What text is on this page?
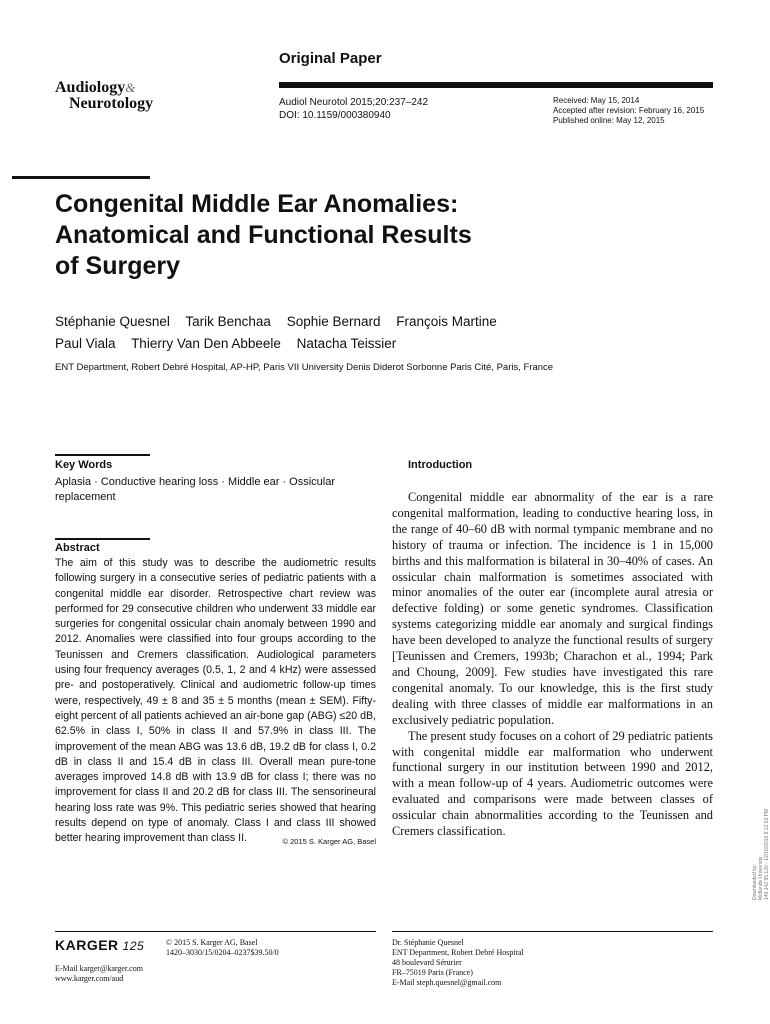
Audiology&
Neurotology
Original Paper
Audiol Neurotol 2015;20:237–242
DOI: 10.1159/000380940
Received: May 15, 2014
Accepted after revision: February 16, 2015
Published online: May 12, 2015
Congenital Middle Ear Anomalies:
Anatomical and Functional Results
of Surgery
Stéphanie Quesnel Tarik Benchaa Sophie Bernard François Martine
Paul Viala Thierry Van Den Abbeele Natacha Teissier
ENT Department, Robert Debré Hospital, AP-HP, Paris VII University Denis Diderot Sorbonne Paris Cité, Paris, France
Key Words
Aplasia · Conductive hearing loss · Middle ear · Ossicular replacement
Abstract

The aim of this study was to describe the audiometric results following surgery in a consecutive series of pediatric patients with a congenital middle ear disorder. Retrospective chart review was performed for 29 consecutive children who underwent 33 middle ear surgeries for congenital ossicular chain anomaly between 1990 and 2012. Anomalies were classified into four groups according to the Teunissen and Cremers classification. Audiological parameters using four frequency averages (0.5, 1, 2 and 4 kHz) were assessed pre- and postoperatively. Clinical and audiometric follow-up times were, respectively, 49 ± 8 and 35 ± 5 months (mean ± SEM). Fifty-eight percent of all patients achieved an air-bone gap (ABG) ≤20 dB, 62.5% in class I, 50% in class II and 57.9% in class III. The improvement of the mean ABG was 13.6 dB, 19.2 dB for class I, 0.2 dB in class II and 15.4 dB in class III. Overall mean pure-tone averages improved 14.8 dB with 13.9 dB for class I; there was no improvement for class II and 20.2 dB for class III. The sensorineural hearing loss rate was 9%. This pediatric series showed that hearing results depend on type of anomaly. Class I and class III showed better hearing improvement than class II.	© 2015 S. Karger AG, Basel

Introduction

Congenital middle ear abnormality of the ear is a rare congenital malformation, leading to conductive hearing loss, in the range of 40–60 dB with normal tympanic membrane and no history of trauma or infection. The incidence is 1 in 15,000 births and this malformation is bilateral in 30–40% of cases. An ossicular chain malformation is sometimes associated with minor anomalies of the outer ear (incomplete aural atresia or defective folding) or some genetic syndromes. Classification systems categorizing middle ear anomaly and surgical findings have been developed to analyze the functional results of surgery [Teunissen and Cremers, 1993b; Charachon et al., 1994; Park and Choung, 2009]. Few studies have investigated this rare congenital anomaly. To our knowledge, this is the first study dealing with three classes of middle ear malformations in an exclusively pediatric population.

The present study focuses on a cohort of 29 pediatric patients with congenital middle ear malformation who underwent functional surgery in our institution between 1990 and 2012, with a mean follow-up of 4 years. Audiometric outcomes were evaluated and comparisons were made between classes of ossicular chain abnormalities according to the Teunissen and Cremers classification.

KARGER 125	© 2015 S. Karger AG, Basel
1420–3030/15/0204–0237$39.50/0
E-Mail karger@karger.com
www.karger.com/aud
Dr. Stéphanie Quesnel
ENT Department, Robert Debré Hospital
48 boulevard Sérurier
FR–75019 Paris (France)
E-Mail steph.quesnel@gmail.com
Downloaded by: Midlands University 149.142.95.120 - 12/10/2016 8:12:53 PM
